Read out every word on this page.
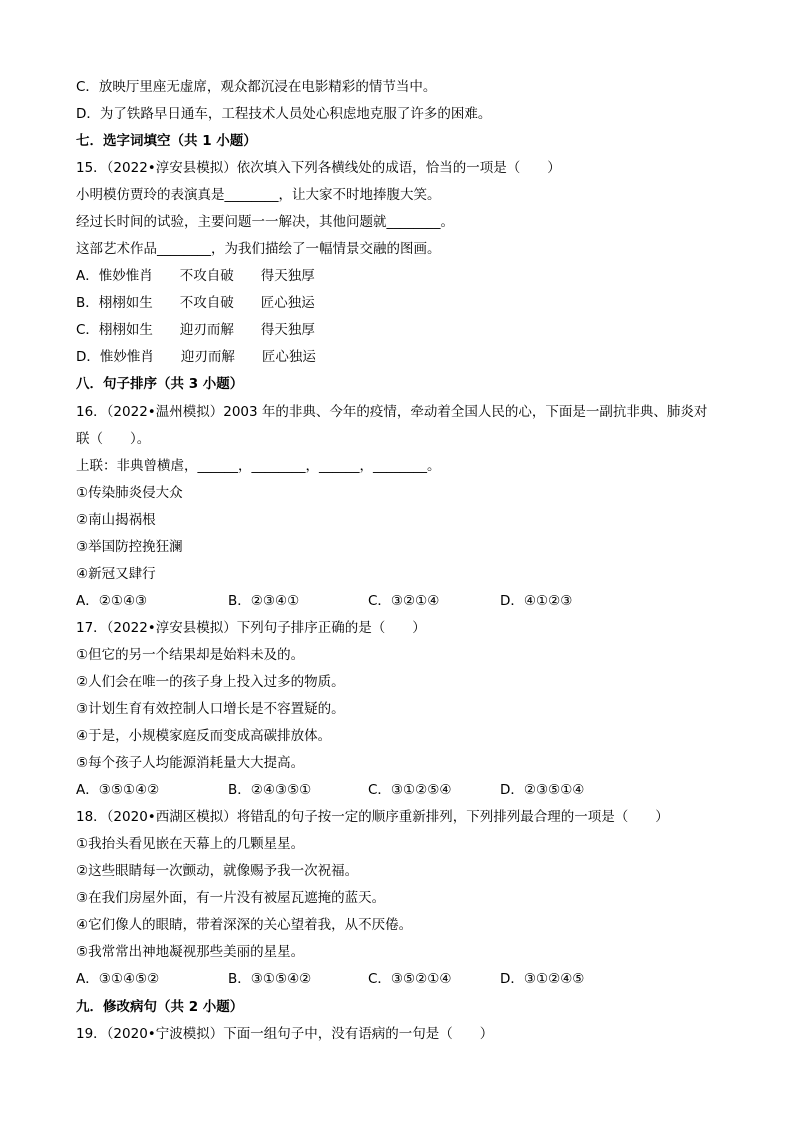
C．放映厅里座无虚席，观众都沉浸在电影精彩的情节当中。
D．为了铁路早日通车，工程技术人员处心积虑地克服了许多的困难。
七．选字词填空（共 1 小题）
15．（2022•淳安县模拟）依次填入下列各横线处的成语，恰当的一项是（　　）
小明模仿贾玲的表演真是________，让大家不时地捧腹大笑。
经过长时间的试验，主要问题一一解决，其他问题就________。
这部艺术作品________，为我们描绘了一幅情景交融的图画。
A．惟妙惟肖　　不攻自破　　得天独厚
B．栩栩如生　　不攻自破　　匠心独运
C．栩栩如生　　迎刃而解　　得天独厚
D．惟妙惟肖　　迎刃而解　　匠心独运
八．句子排序（共 3 小题）
16．（2022•温州模拟）2003 年的非典、今年的疫情，牵动着全国人民的心，下面是一副抗非典、肺炎对
联（　　）。
上联：非典曾横虐，______，________，______，________。
①传染肺炎侵大众
②南山揭祸根
③举国防控挽狂澜
④新冠又肆行
A．②①④③	B．②③④①	C．③②①④	D．④①②③
17．（2022•淳安县模拟）下列句子排序正确的是（　　）
①但它的另一个结果却是始料未及的。
②人们会在唯一的孩子身上投入过多的物质。
③计划生育有效控制人口增长是不容置疑的。
④于是，小规模家庭反而变成高碳排放体。
⑤每个孩子人均能源消耗量大大提高。
A．③⑤①④②	B．②④③⑤①	C．③①②⑤④	D．②③⑤①④
18．（2020•西湖区模拟）将错乱的句子按一定的顺序重新排列，下列排列最合理的一项是（　　）
①我抬头看见嵌在天幕上的几颗星星。
②这些眼睛每一次颤动，就像赐予我一次祝福。
③在我们房屋外面，有一片没有被屋瓦遮掩的蓝天。
④它们像人的眼睛，带着深深的关心望着我，从不厌倦。
⑤我常常出神地凝视那些美丽的星星。
A．③①④⑤②	B．③①⑤④②	C．③⑤②①④	D．③①②④⑤
九．修改病句（共 2 小题）
19．（2020•宁波模拟）下面一组句子中，没有语病的一句是（　　）
